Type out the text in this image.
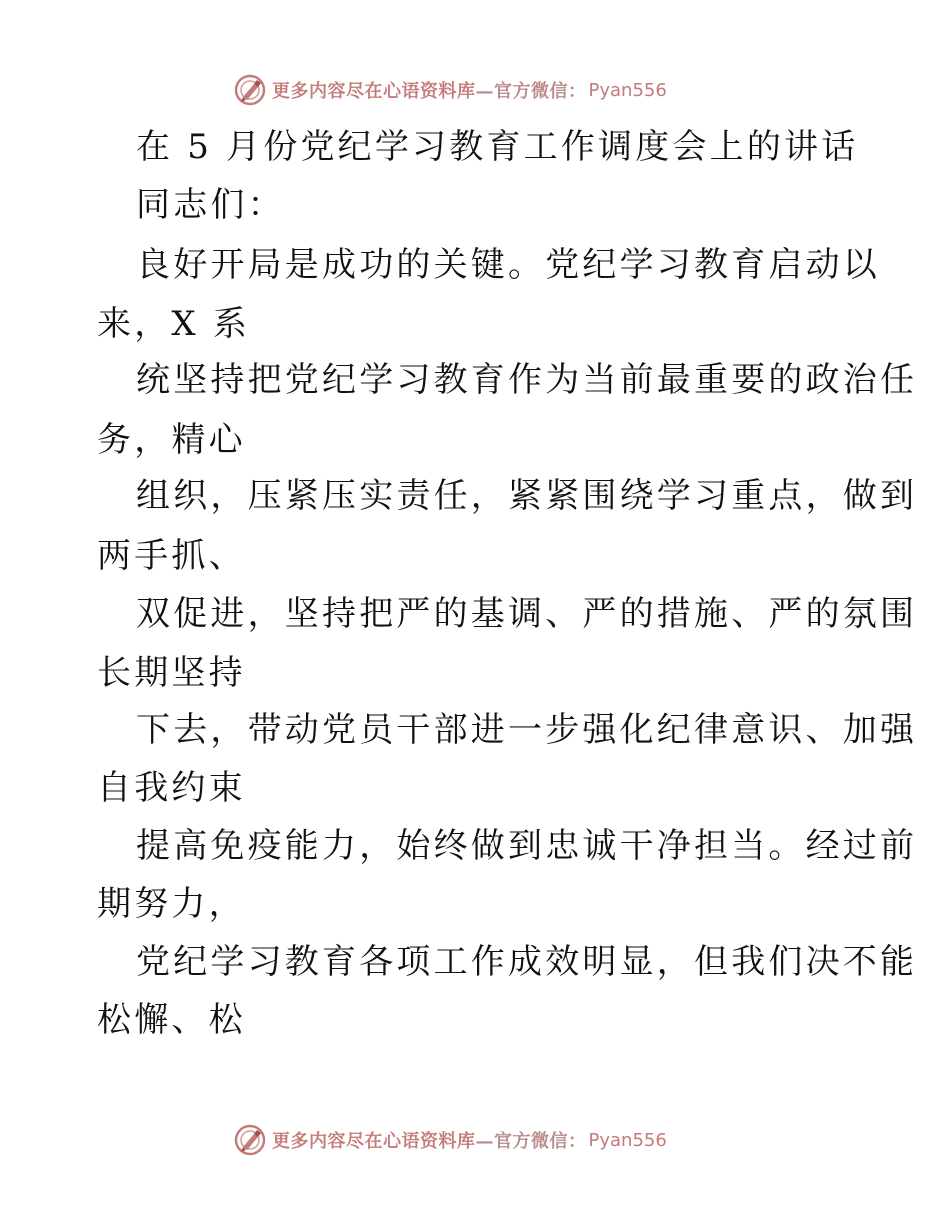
更多内容尽在心语资料库 —官方微信： Pyan556
在 5 月份党纪学习教育工作调度会上的讲话
同志们：
良好开局是成功的关键。党纪学习教育启动以
来，X 系
统坚持把党纪学习教育作为当前最重要的政治任
务，精心
组织，压紧压实责任，紧紧围绕学习重点，做到
两手抓、
双促进，坚持把严的基调、严的措施、严的氛围
长期坚持
下去，带动党员干部进一步强化纪律意识、加强
自我约束
提高免疫能力，始终做到忠诚干净担当。经过前
期努力，
党纪学习教育各项工作成效明显，但我们决不能
松懈、松
更多内容尽在心语资料库 —官方微信： Pyan556
